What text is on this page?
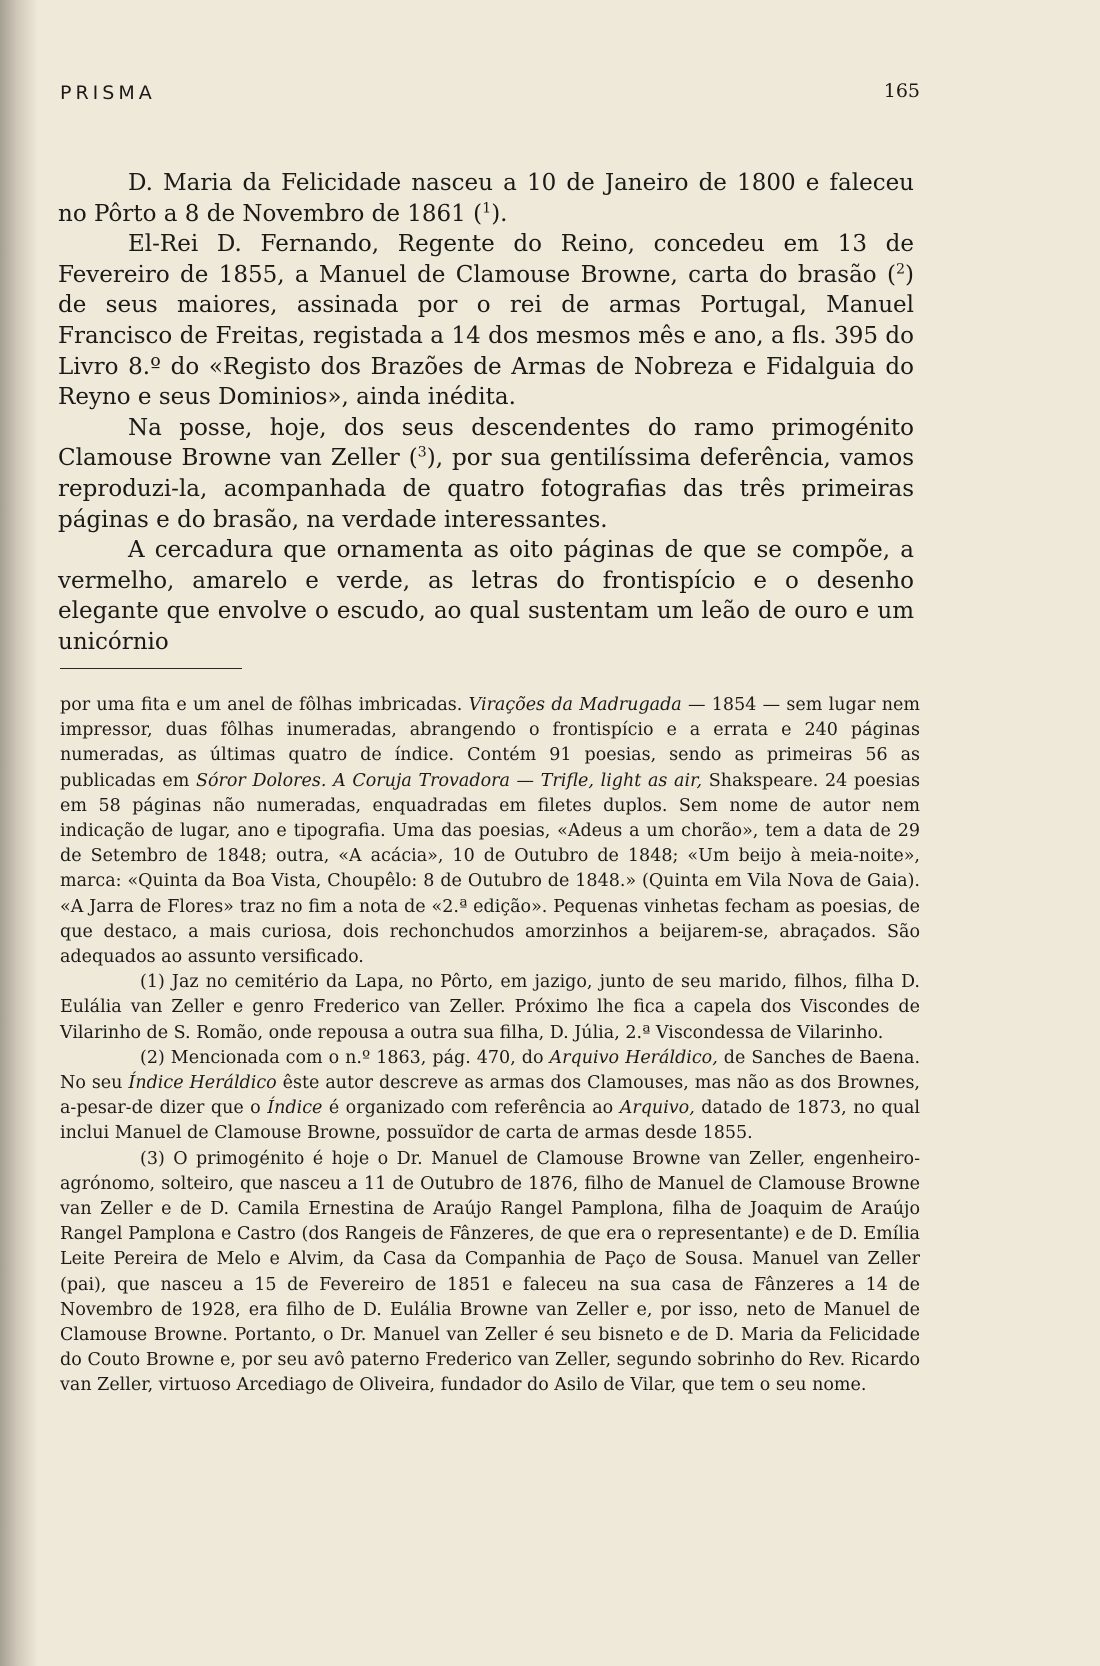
PRISMA	165

D. Maria da Felicidade nasceu a 10 de Janeiro de 1800 e faleceu no Pôrto a 8 de Novembro de 1861 ($^1$).

El-Rei D. Fernando, Regente do Reino, concedeu em 13 de Fevereiro de 1855, a Manuel de Clamouse Browne, carta do brasão ($^2$) de seus maiores, assinada por o rei de armas Portugal, Manuel Francisco de Freitas, registada a 14 dos mesmos mês e ano, a fls. 395 do Livro 8.º do «Registo dos Brazões de Armas de Nobreza e Fidalguia do Reyno e seus Dominios», ainda inédita.

Na posse, hoje, dos seus descendentes do ramo primogénito Clamouse Browne van Zeller ($^3$), por sua gentilíssima deferência, vamos reproduzi-la, acompanhada de quatro fotografias das três primeiras páginas e do brasão, na verdade interessantes.

A cercadura que ornamenta as oito páginas de que se compõe, a vermelho, amarelo e verde, as letras do frontispício e o desenho elegante que envolve o escudo, ao qual sustentam um leão de ouro e um unicórnio

por uma fita e um anel de fôlhas imbricadas. Virações da Madrugada — 1854 — sem lugar nem impressor, duas fôlhas inumeradas, abrangendo o frontispício e a errata e 240 páginas numeradas, as últimas quatro de índice. Contém 91 poesias, sendo as primeiras 56 as publicadas em Sóror Dolores. A Coruja Trovadora — Trifle, light as air, Shakspeare. 24 poesias em 58 páginas não numeradas, enquadradas em filetes duplos. Sem nome de autor nem indicação de lugar, ano e tipografia. Uma das poesias, «Adeus a um chorão», tem a data de 29 de Setembro de 1848; outra, «A acácia», 10 de Outubro de 1848; «Um beijo à meia-noite», marca: «Quinta da Boa Vista, Choupêlo: 8 de Outubro de 1848.» (Quinta em Vila Nova de Gaia). «A Jarra de Flores» traz no fim a nota de «2.ª edição». Pequenas vinhetas fecham as poesias, de que destaco, a mais curiosa, dois rechonchudos amorzinhos a beijarem-se, abraçados. São adequados ao assunto versificado.

(1) Jaz no cemitério da Lapa, no Pôrto, em jazigo, junto de seu marido, filhos, filha D. Eulália van Zeller e genro Frederico van Zeller. Próximo lhe fica a capela dos Viscondes de Vilarinho de S. Romão, onde repousa a outra sua filha, D. Júlia, 2.ª Viscondessa de Vilarinho.

(2) Mencionada com o n.º 1863, pág. 470, do Arquivo Heráldico, de Sanches de Baena. No seu Índice Heráldico êste autor descreve as armas dos Clamouses, mas não as dos Brownes, a-pesar-de dizer que o Índice é organizado com referência ao Arquivo, datado de 1873, no qual inclui Manuel de Clamouse Browne, possuïdor de carta de armas desde 1855.

(3) O primogénito é hoje o Dr. Manuel de Clamouse Browne van Zeller, engenheiro-agrónomo, solteiro, que nasceu a 11 de Outubro de 1876, filho de Manuel de Clamouse Browne van Zeller e de D. Camila Ernestina de Araújo Rangel Pamplona, filha de Joaquim de Araújo Rangel Pamplona e Castro (dos Rangeis de Fânzeres, de que era o representante) e de D. Emília Leite Pereira de Melo e Alvim, da Casa da Companhia de Paço de Sousa. Manuel van Zeller (pai), que nasceu a 15 de Fevereiro de 1851 e faleceu na sua casa de Fânzeres a 14 de Novembro de 1928, era filho de D. Eulália Browne van Zeller e, por isso, neto de Manuel de Clamouse Browne. Portanto, o Dr. Manuel van Zeller é seu bisneto e de D. Maria da Felicidade do Couto Browne e, por seu avô paterno Frederico van Zeller, segundo sobrinho do Rev. Ricardo van Zeller, virtuoso Arcediago de Oliveira, fundador do Asilo de Vilar, que tem o seu nome.
